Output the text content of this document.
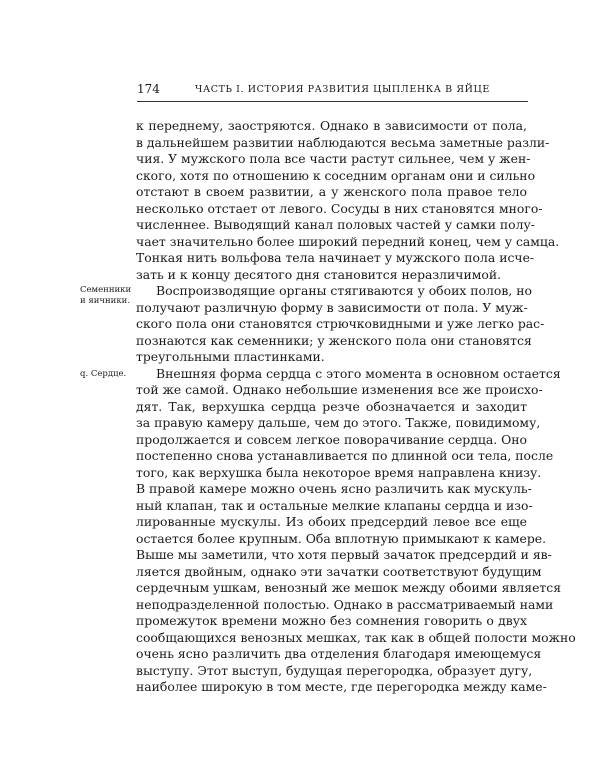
174	ЧАСТЬ I. ИСТОРИЯ РАЗВИТИЯ ЦЫПЛЕНКА В ЯЙЦЕ
Семенники
и яичники.
q. Сердце.
к переднему, заостряются. Однако в зависимости от пола,
в дальнейшем развитии наблюдаются весьма заметные разли-
чия. У мужского пола все части растут сильнее, чем у жен-
ского, хотя по отношению к соседним органам они и сильно
отстают в своем развитии, а у женского пола правое тело
несколько отстает от левого. Сосуды в них становятся много-
численнее. Выводящий канал половых частей у самки полу-
чает значительно более широкий передний конец, чем у самца.
Тонкая нить вольфова тела начинает у мужского пола исче-
зать и к концу десятого дня становится неразличимой.
Воспроизводящие органы стягиваются у обоих полов, но
получают различную форму в зависимости от пола. У муж-
ского пола они становятся стрючковидными и уже легко рас-
познаются как семенники; у женского пола они становятся
треугольными пластинками.
Внешняя форма сердца с этого момента в основном остается
той же самой. Однако небольшие изменения все же происхо-
дят. Так, верхушка сердца резче обозначается и заходит
за правую камеру дальше, чем до этого. Также, повидимому,
продолжается и совсем легкое поворачивание сердца. Оно
постепенно снова устанавливается по длинной оси тела, после
того, как верхушка была некоторое время направлена книзу.
В правой камере можно очень ясно различить как мускуль-
ный клапан, так и остальные мелкие клапаны сердца и изо-
лированные мускулы. Из обоих предсердий левое все еще
остается более крупным. Оба вплотную примыкают к камере.
Выше мы заметили, что хотя первый зачаток предсердий и яв-
ляется двойным, однако эти зачатки соответствуют будущим
сердечным ушкам, венозный же мешок между обоими является
неподразделенной полостью. Однако в рассматриваемый нами
промежуток времени можно без сомнения говорить о двух
сообщающихся венозных мешках, так как в общей полости можно
очень ясно различить два отделения благодаря имеющемуся
выступу. Этот выступ, будущая перегородка, образует дугу,
наиболее широкую в том месте, где перегородка между каме-
